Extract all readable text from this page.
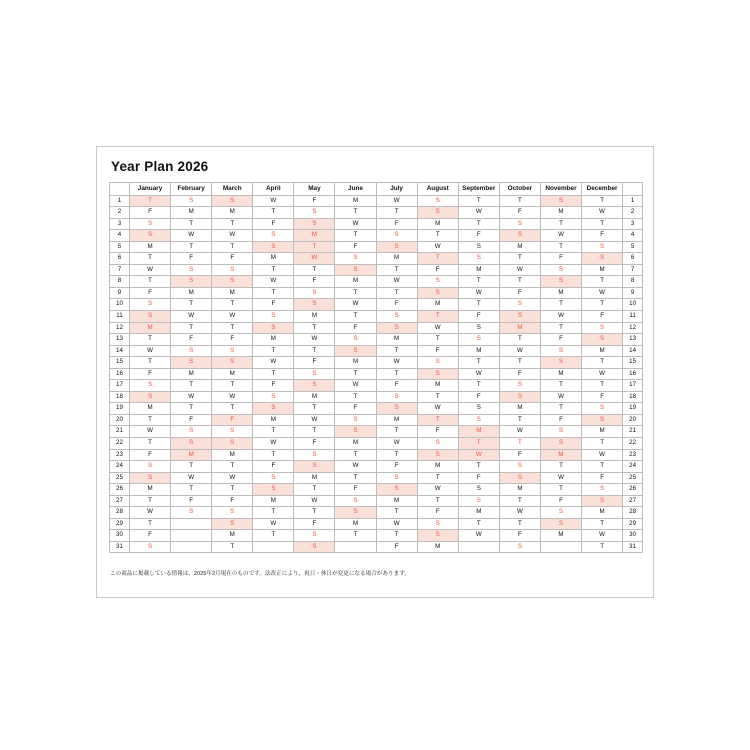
Year Plan 2026
	January	February	March	April	May	June	July	August	September	October	November	December	
1	T	S	S	W	F	M	W	S	T	T	S	T	1
2	F	M	M	T	S	T	T	S	W	F	M	W	2
3	S	T	T	F	S	W	F	M	T	S	T	T	3
4	S	W	W	S	M	T	S	T	F	S	W	F	4
5	M	T	T	S	T	F	S	W	S	M	T	S	5
6	T	F	F	M	W	S	M	T	S	T	F	S	6
7	W	S	S	T	T	S	T	F	M	W	S	M	7
8	T	S	S	W	F	M	W	S	T	T	S	T	8
9	F	M	M	T	S	T	T	S	W	F	M	W	9
10	S	T	T	F	S	W	F	M	T	S	T	T	10
11	S	W	W	S	M	T	S	T	F	S	W	F	11
12	M	T	T	S	T	F	S	W	S	M	T	S	12
13	T	F	F	M	W	S	M	T	S	T	F	S	13
14	W	S	S	T	T	S	T	F	M	W	S	M	14
15	T	S	S	W	F	M	W	S	T	T	S	T	15
16	F	M	M	T	S	T	T	S	W	F	M	W	16
17	S	T	T	F	S	W	F	M	T	S	T	T	17
18	S	W	W	S	M	T	S	T	F	S	W	F	18
19	M	T	T	S	T	F	S	W	S	M	T	S	19
20	T	F	F	M	W	S	M	T	S	T	F	S	20
21	W	S	S	T	T	S	T	F	M	W	S	M	21
22	T	S	S	W	F	M	W	S	T	T	S	T	22
23	F	M	M	T	S	T	T	S	W	F	M	W	23
24	S	T	T	F	S	W	F	M	T	S	T	T	24
25	S	W	W	S	M	T	S	T	F	S	W	F	25
26	M	T	T	S	T	F	S	W	S	M	T	S	26
27	T	F	F	M	W	S	M	T	S	T	F	S	27
28	W	S	S	T	T	S	T	F	M	W	S	M	28
29	T		S	W	F	M	W	S	T	T	S	T	29
30	F		M	T	S	T	T	S	W	F	M	W	30
31	S		T		S		F	M		S		T	31
この商品に掲載している情報は、2025年2月現在のものです。法改正により、祝日・休日が変更になる場合があります。
